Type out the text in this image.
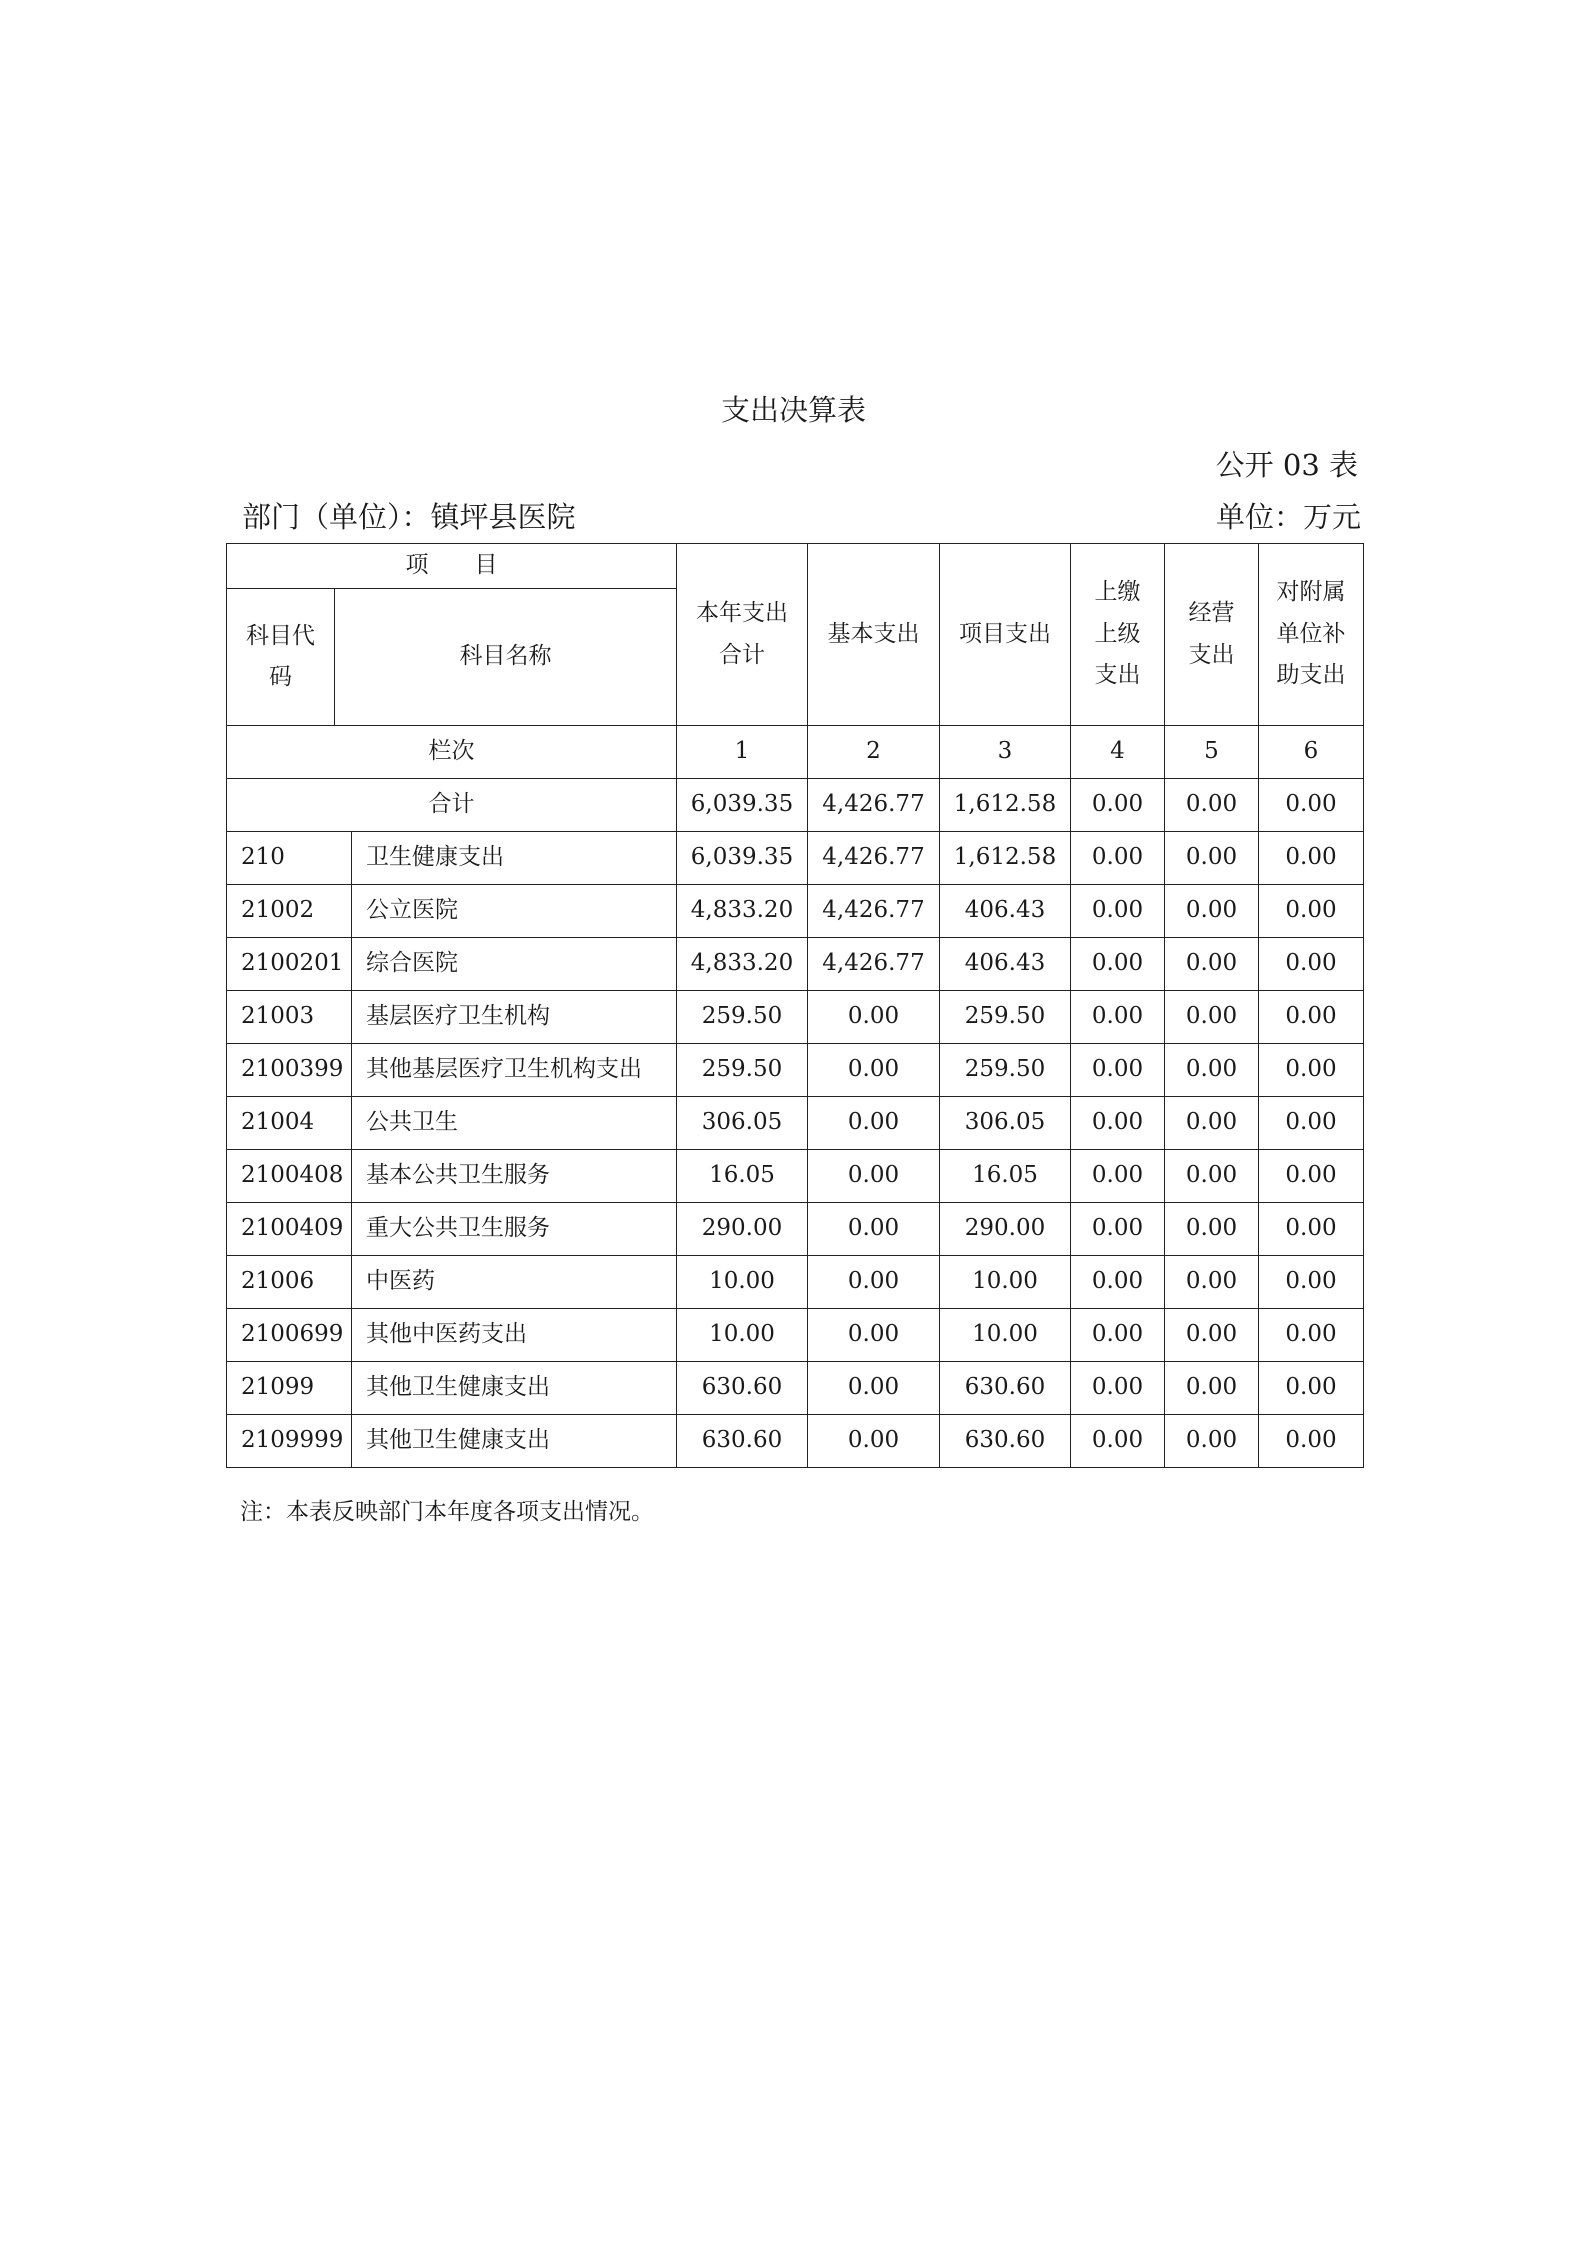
支出决算表
公开 03 表
部门（单位）：镇坪县医院	单位：万元
项　　目			本年支出合计	基本支出	项目支出	上缴上级支出	经营支出	对附属单位补助支出
科目代码	科目名称							
栏次			1	2	3	4	5	6
合计			6,039.35	4,426.77	1,612.58	0.00	0.00	0.00
210		卫生健康支出	6,039.35	4,426.77	1,612.58	0.00	0.00	0.00
21002		公立医院	4,833.20	4,426.77	406.43	0.00	0.00	0.00
2100201		综合医院	4,833.20	4,426.77	406.43	0.00	0.00	0.00
21003		基层医疗卫生机构	259.50	0.00	259.50	0.00	0.00	0.00
2100399		其他基层医疗卫生机构支出	259.50	0.00	259.50	0.00	0.00	0.00
21004		公共卫生	306.05	0.00	306.05	0.00	0.00	0.00
2100408		基本公共卫生服务	16.05	0.00	16.05	0.00	0.00	0.00
2100409		重大公共卫生服务	290.00	0.00	290.00	0.00	0.00	0.00
21006		中医药	10.00	0.00	10.00	0.00	0.00	0.00
2100699		其他中医药支出	10.00	0.00	10.00	0.00	0.00	0.00
21099		其他卫生健康支出	630.60	0.00	630.60	0.00	0.00	0.00
2109999		其他卫生健康支出	630.60	0.00	630.60	0.00	0.00	0.00
注：本表反映部门本年度各项支出情况。
